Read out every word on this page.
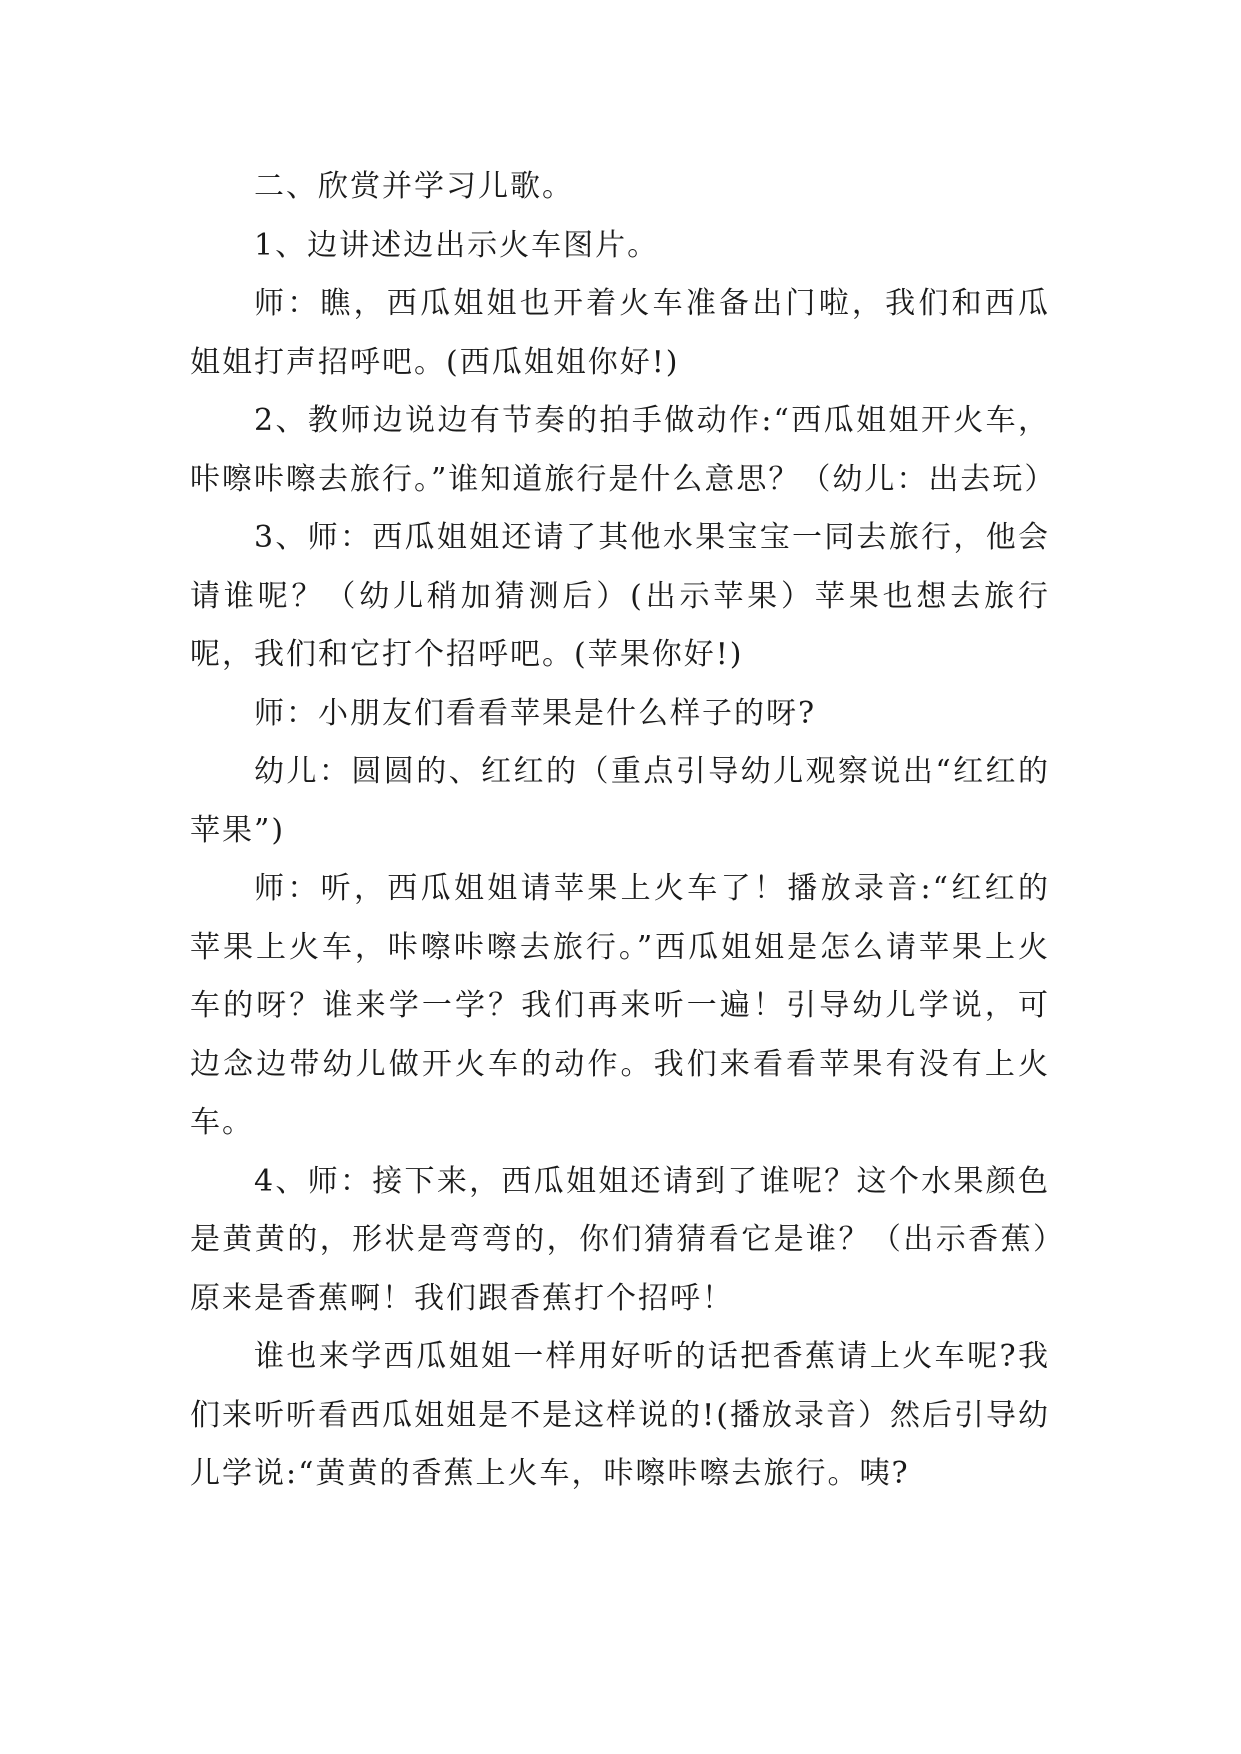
二、欣赏并学习儿歌。

1、边讲述边出示火车图片。

师：瞧，西瓜姐姐也开着火车准备出门啦，我们和西瓜姐姐打声招呼吧。(西瓜姐姐你好!)

2、教师边说边有节奏的拍手做动作:“西瓜姐姐开火车，咔嚓咔嚓去旅行。”谁知道旅行是什么意思？（幼儿：出去玩）

3、师：西瓜姐姐还请了其他水果宝宝一同去旅行，他会请谁呢？（幼儿稍加猜测后）(出示苹果）苹果也想去旅行呢，我们和它打个招呼吧。(苹果你好!)

师：小朋友们看看苹果是什么样子的呀?

幼儿：圆圆的、红红的（重点引导幼儿观察说出“红红的苹果”)

师：听，西瓜姐姐请苹果上火车了！播放录音:“红红的苹果上火车，咔嚓咔嚓去旅行。”西瓜姐姐是怎么请苹果上火车的呀？谁来学一学？我们再来听一遍！引导幼儿学说，可边念边带幼儿做开火车的动作。我们来看看苹果有没有上火车。

4、师：接下来，西瓜姐姐还请到了谁呢？这个水果颜色是黄黄的，形状是弯弯的，你们猜猜看它是谁？（出示香蕉）原来是香蕉啊！我们跟香蕉打个招呼！

谁也来学西瓜姐姐一样用好听的话把香蕉请上火车呢?我们来听听看西瓜姐姐是不是这样说的!(播放录音）然后引导幼儿学说:“黄黄的香蕉上火车，咔嚓咔嚓去旅行。咦?
